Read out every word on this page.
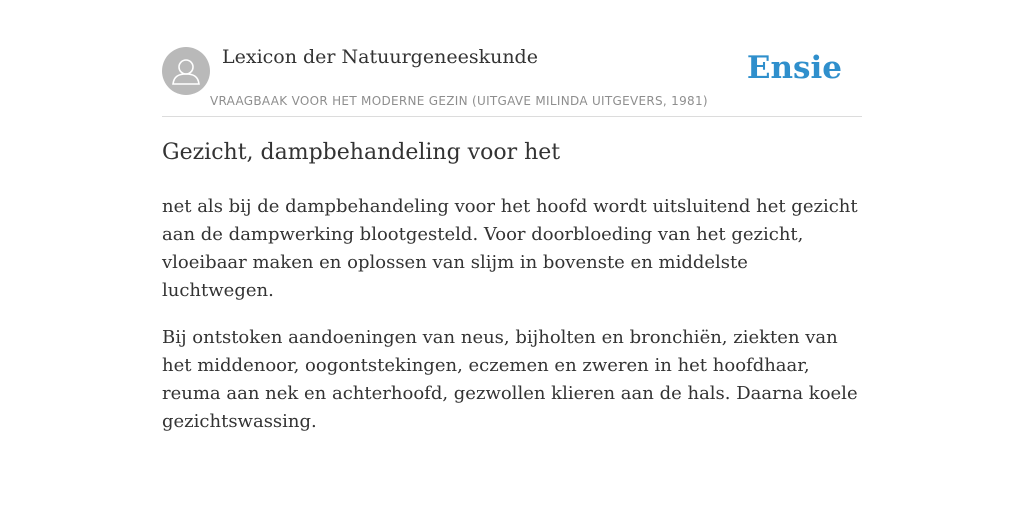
Lexicon der Natuurgeneeskunde
VRAAGBAAK VOOR HET MODERNE GEZIN (UITGAVE MILINDA UITGEVERS, 1981)
Ensie
Gezicht, dampbehandeling voor het

net als bij de dampbehandeling voor het hoofd wordt uitsluitend het gezicht aan de dampwerking blootgesteld. Voor doorbloeding van het gezicht, vloeibaar maken en oplossen van slijm in bovenste en middelste luchtwegen.

Bij ontstoken aandoeningen van neus, bijholten en bronchiën, ziekten van het middenoor, oogontstekingen, eczemen en zweren in het hoofdhaar, reuma aan nek en achterhoofd, gezwollen klieren aan de hals. Daarna koele gezichtswassing.
